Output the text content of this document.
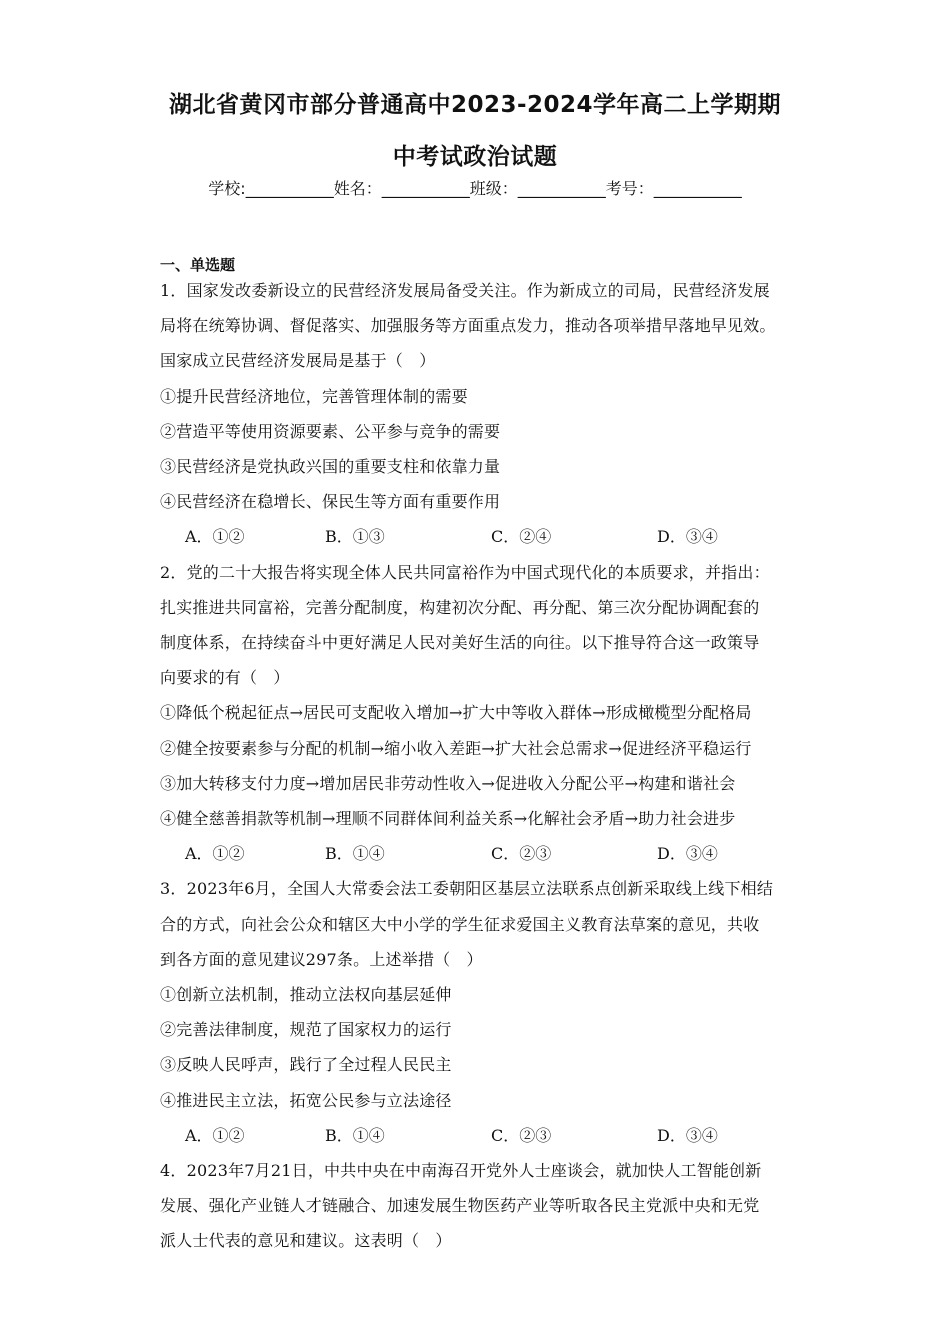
湖北省黄冈市部分普通高中2023-2024学年高二上学期期
中考试政治试题
学校:___________姓名：___________班级：___________考号：___________
一、单选题
1．国家发改委新设立的民营经济发展局备受关注。作为新成立的司局，民营经济发展
局将在统筹协调、督促落实、加强服务等方面重点发力，推动各项举措早落地早见效。
国家成立民营经济发展局是基于（　）
①提升民营经济地位，完善管理体制的需要
②营造平等使用资源要素、公平参与竞争的需要
③民营经济是党执政兴国的重要支柱和依靠力量
④民营经济在稳增长、保民生等方面有重要作用
A．①②	B．①③	C．②④	D．③④
2．党的二十大报告将实现全体人民共同富裕作为中国式现代化的本质要求，并指出：
扎实推进共同富裕，完善分配制度，构建初次分配、再分配、第三次分配协调配套的
制度体系，在持续奋斗中更好满足人民对美好生活的向往。以下推导符合这一政策导
向要求的有（　）
①降低个税起征点→居民可支配收入增加→扩大中等收入群体→形成橄榄型分配格局
②健全按要素参与分配的机制→缩小收入差距→扩大社会总需求→促进经济平稳运行
③加大转移支付力度→增加居民非劳动性收入→促进收入分配公平→构建和谐社会
④健全慈善捐款等机制→理顺不同群体间利益关系→化解社会矛盾→助力社会进步
A．①②	B．①④	C．②③	D．③④
3．2023年6月，全国人大常委会法工委朝阳区基层立法联系点创新采取线上线下相结
合的方式，向社会公众和辖区大中小学的学生征求爱国主义教育法草案的意见，共收
到各方面的意见建议297条。上述举措（　）
①创新立法机制，推动立法权向基层延伸
②完善法律制度，规范了国家权力的运行
③反映人民呼声，践行了全过程人民民主
④推进民主立法，拓宽公民参与立法途径
A．①②	B．①④	C．②③	D．③④
4．2023年7月21日，中共中央在中南海召开党外人士座谈会，就加快人工智能创新
发展、强化产业链人才链融合、加速发展生物医药产业等听取各民主党派中央和无党
派人士代表的意见和建议。这表明（　）
